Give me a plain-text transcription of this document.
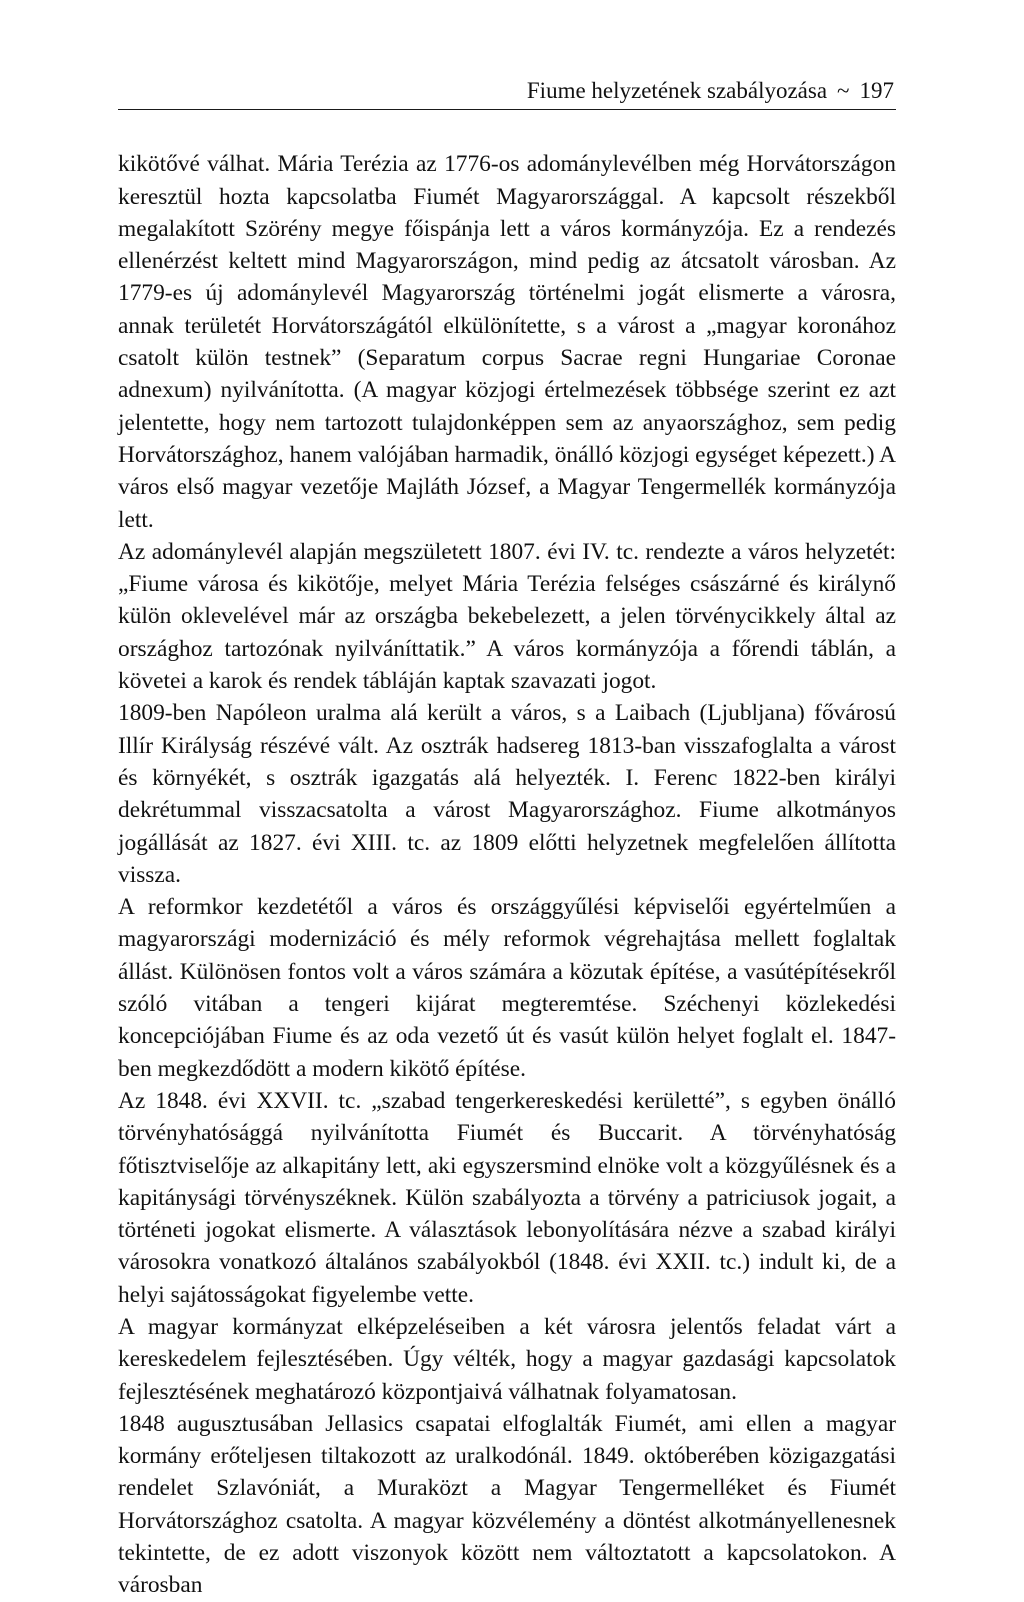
Fiume helyzetének szabályozása ~ 197

kikötővé válhat. Mária Terézia az 1776-os adománylevélben még Horvátországon keresztül hozta kapcsolatba Fiumét Magyarországgal. A kapcsolt részekből megalakított Szörény megye főispánja lett a város kormányzója. Ez a rendezés ellenérzést keltett mind Magyarországon, mind pedig az átcsatolt városban. Az 1779-es új adománylevél Magyarország történelmi jogát elismerte a városra, annak területét Horvátországától elkülönítette, s a várost a „magyar koronához csatolt külön testnek” (Separatum corpus Sacrae regni Hungariae Coronae adnexum) nyilvánította. (A magyar közjogi értelmezések többsége szerint ez azt jelentette, hogy nem tartozott tulajdonképpen sem az anyaországhoz, sem pedig Horvátországhoz, hanem valójában harmadik, önálló közjogi egységet képezett.) A város első magyar vezetője Majláth József, a Magyar Tengermellék kormányzója lett.

Az adománylevél alapján megszületett 1807. évi IV. tc. rendezte a város helyzetét: „Fiume városa és kikötője, melyet Mária Terézia felséges császárné és királynő külön oklevelével már az országba bekebelezett, a jelen törvénycikkely által az országhoz tartozónak nyilváníttatik.” A város kormányzója a főrendi táblán, a követei a karok és rendek tábláján kaptak szavazati jogot.

1809-ben Napóleon uralma alá került a város, s a Laibach (Ljubljana) fővárosú Illír Királyság részévé vált. Az osztrák hadsereg 1813-ban visszafoglalta a várost és környékét, s osztrák igazgatás alá helyezték. I. Ferenc 1822-ben királyi dekrétummal visszacsatolta a várost Magyarországhoz. Fiume alkotmányos jogállását az 1827. évi XIII. tc. az 1809 előtti helyzetnek megfelelően állította vissza.

A reformkor kezdetétől a város és országgyűlési képviselői egyértelműen a magyarországi modernizáció és mély reformok végrehajtása mellett foglaltak állást. Különösen fontos volt a város számára a közutak építése, a vasútépítésekről szóló vitában a tengeri kijárat megteremtése. Széchenyi közlekedési koncepciójában Fiume és az oda vezető út és vasút külön helyet foglalt el. 1847-ben megkezdődött a modern kikötő építése.

Az 1848. évi XXVII. tc. „szabad tengerkereskedési kerületté”, s egyben önálló törvényhatósággá nyilvánította Fiumét és Buccarit. A törvényhatóság főtisztviselője az alkapitány lett, aki egyszersmind elnöke volt a közgyűlésnek és a kapitánysági törvényszéknek. Külön szabályozta a törvény a patriciusok jogait, a történeti jogokat elismerte. A választások lebonyolítására nézve a szabad királyi városokra vonatkozó általános szabályokból (1848. évi XXII. tc.) indult ki, de a helyi sajátosságokat figyelembe vette.

A magyar kormányzat elképzeléseiben a két városra jelentős feladat várt a kereskedelem fejlesztésében. Úgy vélték, hogy a magyar gazdasági kapcsolatok fejlesztésének meghatározó központjaivá válhatnak folyamatosan.

1848 augusztusában Jellasics csapatai elfoglalták Fiumét, ami ellen a magyar kormány erőteljesen tiltakozott az uralkodónál. 1849. októberében közigazgatási rendelet Szlavóniát, a Muraközt a Magyar Tengermelléket és Fiumét Horvátországhoz csatolta. A magyar közvélemény a döntést alkotmányellenesnek tekintette, de ez adott viszonyok között nem változtatott a kapcsolatokon. A városban
